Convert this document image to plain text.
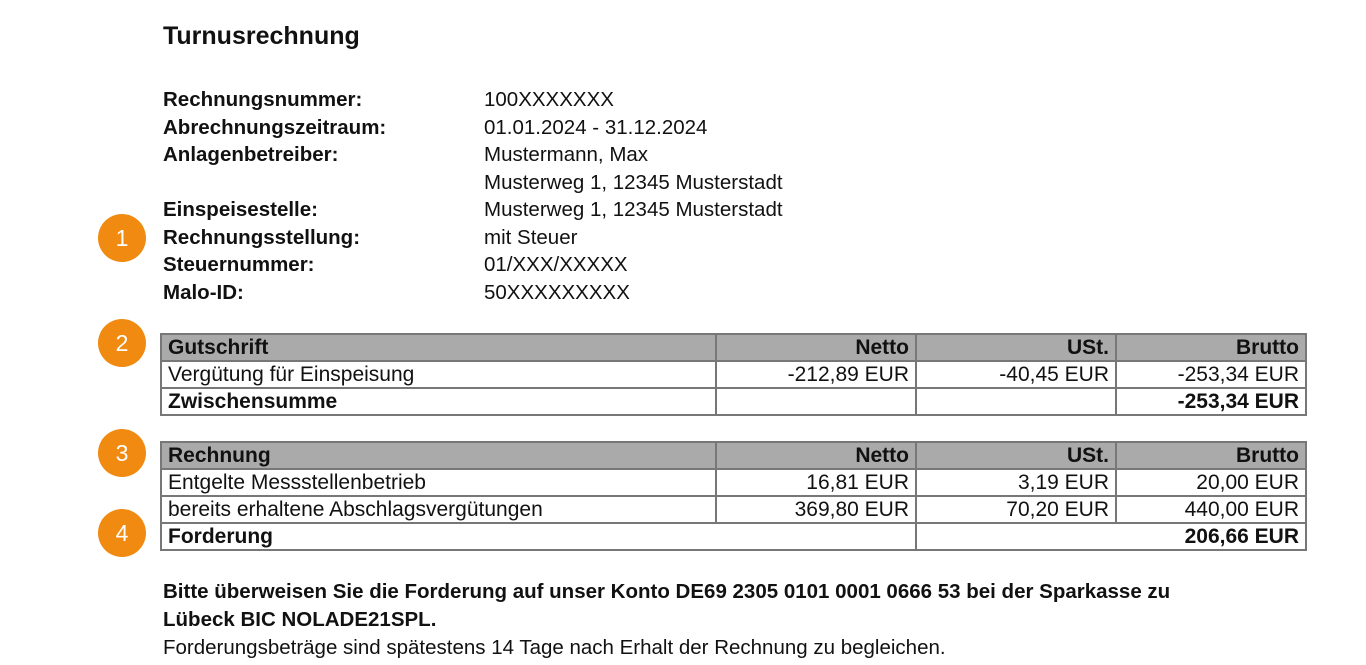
Turnusrechnung
Rechnungsnummer:	100XXXXXXX
Abrechnungszeitraum:	01.01.2024 - 31.12.2024
Anlagenbetreiber:	Mustermann, Max
Musterweg 1, 12345 Musterstadt
Einspeisestelle:	Musterweg 1, 12345 Musterstadt
Rechnungsstellung:	mit Steuer
Steuernummer:	01/XXX/XXXXX
Malo-ID:	50XXXXXXXXX
1
2
3
4
Gutschrift	Netto	USt.	Brutto
Vergütung für Einspeisung	-212,89 EUR	-40,45 EUR	-253,34 EUR
Zwischensumme			-253,34 EUR
Rechnung	Netto	USt.	Brutto
Entgelte Messstellenbetrieb	16,81 EUR	3,19 EUR	20,00 EUR
bereits erhaltene Abschlagsvergütungen	369,80 EUR	70,20 EUR	440,00 EUR
Forderung		206,66 EUR	
Bitte überweisen Sie die Forderung auf unser Konto DE69 2305 0101 0001 0666 53 bei der Sparkasse zu
Lübeck BIC NOLADE21SPL.
Forderungsbeträge sind spätestens 14 Tage nach Erhalt der Rechnung zu begleichen.
